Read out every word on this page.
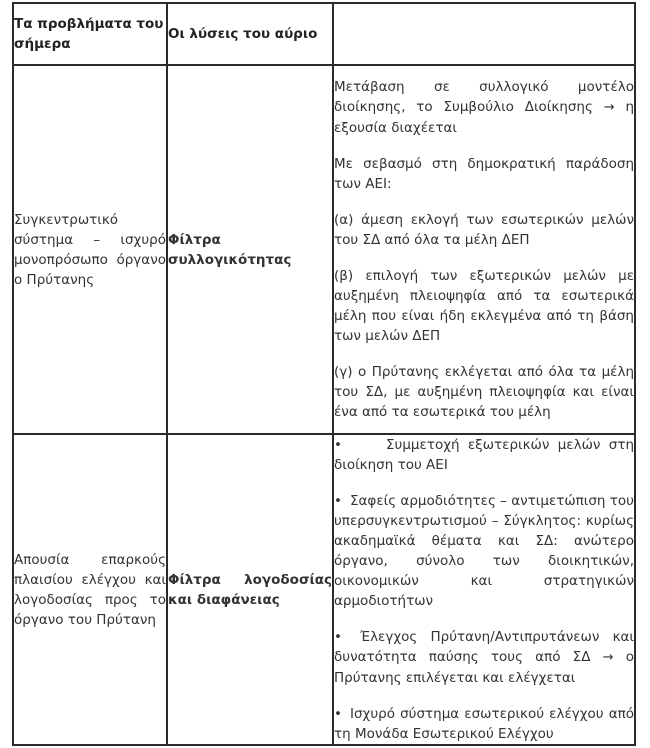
Τα προβλήματα του σήμερα	Οι λύσεις του αύριο	
Συγκεντρωτικό σύστημα – ισχυρό μονοπρόσωπο όργανο ο Πρύτανης	Φίλτρα συλλογικότητας	Μετάβαση σε συλλογικό μοντέλο διοίκησης, το Συμβούλιο Διοίκησης → η εξουσία διαχέεται

Με σεβασμό στη δημοκρατική παράδοση των ΑΕΙ:

(α) άμεση εκλογή των εσωτερικών μελών του ΣΔ από όλα τα μέλη ΔΕΠ

(β) επιλογή των εξωτερικών μελών με αυξημένη πλειοψηφία από τα εσωτερικά μέλη που είναι ήδη εκλεγμένα από τη βάση των μελών ΔΕΠ

(γ) ο Πρύτανης εκλέγεται από όλα τα μέλη του ΣΔ, με αυξημένη πλειοψηφία και είναι ένα από τα εσωτερικά του μέλη

Απουσία επαρκούς πλαισίου ελέγχου και λογοδοσίας προς το όργανο του Πρύτανη	Φίλτρα λογοδοσίας και διαφάνειας	• Συμμετοχή εξωτερικών μελών στη διοίκηση του ΑΕΙ

• Σαφείς αρμοδιότητες – αντιμετώπιση του υπερσυγκεντρωτισμού – Σύγκλητος: κυρίως ακαδημαϊκά θέματα και ΣΔ: ανώτερο όργανο, σύνολο των διοικητικών, οικονομικών και στρατηγικών αρμοδιοτήτων

• Έλεγχος Πρύτανη/Αντιπρυτάνεων και δυνατότητα παύσης τους από ΣΔ → ο Πρύτανης επιλέγεται και ελέγχεται

• Ισχυρό σύστημα εσωτερικού ελέγχου από τη Μονάδα Εσωτερικού Ελέγχου
